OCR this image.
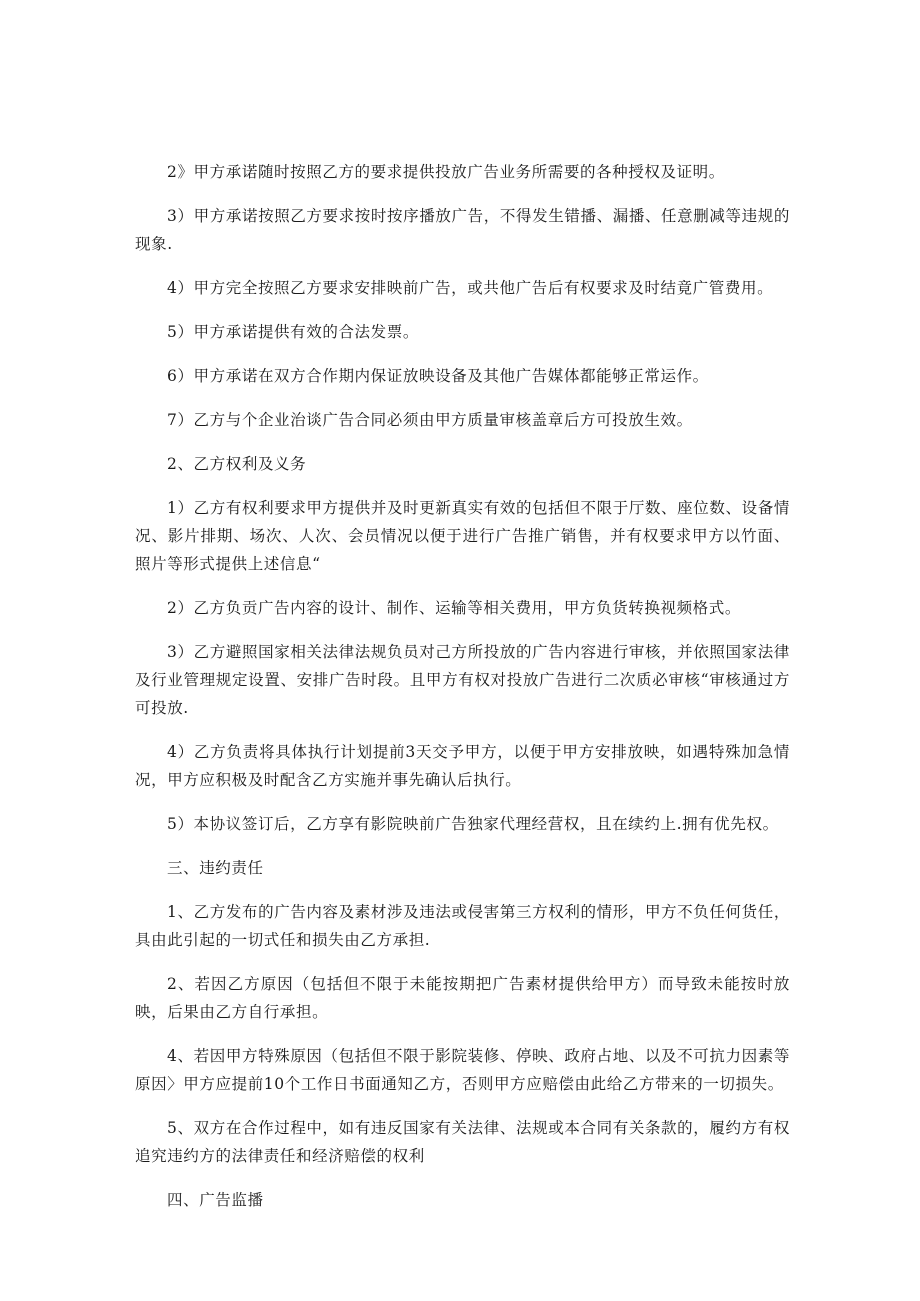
2》甲方承诺随时按照乙方的要求提供投放广告业务所需要的各种授权及证明。

3）甲方承诺按照乙方要求按时按序播放广告，不得发生错播、漏播、任意删减等违规的现象.

4）甲方完全按照乙方要求安排映前广告，或共他广告后有权要求及时结竟广管费用。

5）甲方承诺提供有效的合法发票。

6）甲方承诺在双方合作期内保证放映设备及其他广告媒体都能够正常运作。

7）乙方与个企业治谈广告合同必须由甲方质量审核盖章后方可投放生效。

2、乙方权利及义务

1）乙方有权利要求甲方提供并及时更新真实有效的包括但不限于厅数、座位数、设备情况、影片排期、场次、人次、会员情况以便于进行广告推广销售，并有权要求甲方以竹面、照片等形式提供上述信息“

2）乙方负贡广告内容的设计、制作、运输等相关费用，甲方负货转换视频格式。

3）乙方避照国家相关法律法规负员对己方所投放的广告内容进行审核，并依照国家法律及行业管理规定设置、安排广告时段。且甲方有权对投放广告进行二次质必审核“审核通过方可投放.

4）乙方负责将具体执行计划提前3天交予甲方，以便于甲方安排放映，如遇特殊加急情况，甲方应积极及时配含乙方实施并事先确认后执行。

5）本协议签订后，乙方享有影院映前广告独家代理经营权，且在续约上.拥有优先权。

三、违约责任

1、乙方发布的广告内容及素材涉及违法或侵害第三方权利的情形，甲方不负任何货任，具由此引起的一切式任和损失由乙方承担.

2、若因乙方原因（包括但不限于未能按期把广告素材提供给甲方）而导致未能按时放映，后果由乙方自行承担。

4、若因甲方特殊原因（包括但不限于影院装修、停映、政府占地、以及不可抗力因素等原因〉甲方应提前10个工作日书面通知乙方，否则甲方应赔偿由此给乙方带来的一切损失。

5、双方在合作过程中，如有违反国家有关法律、法规或本合同有关条款的，履约方有权追究违约方的法律责任和经济赔偿的权利

四、广告监播
